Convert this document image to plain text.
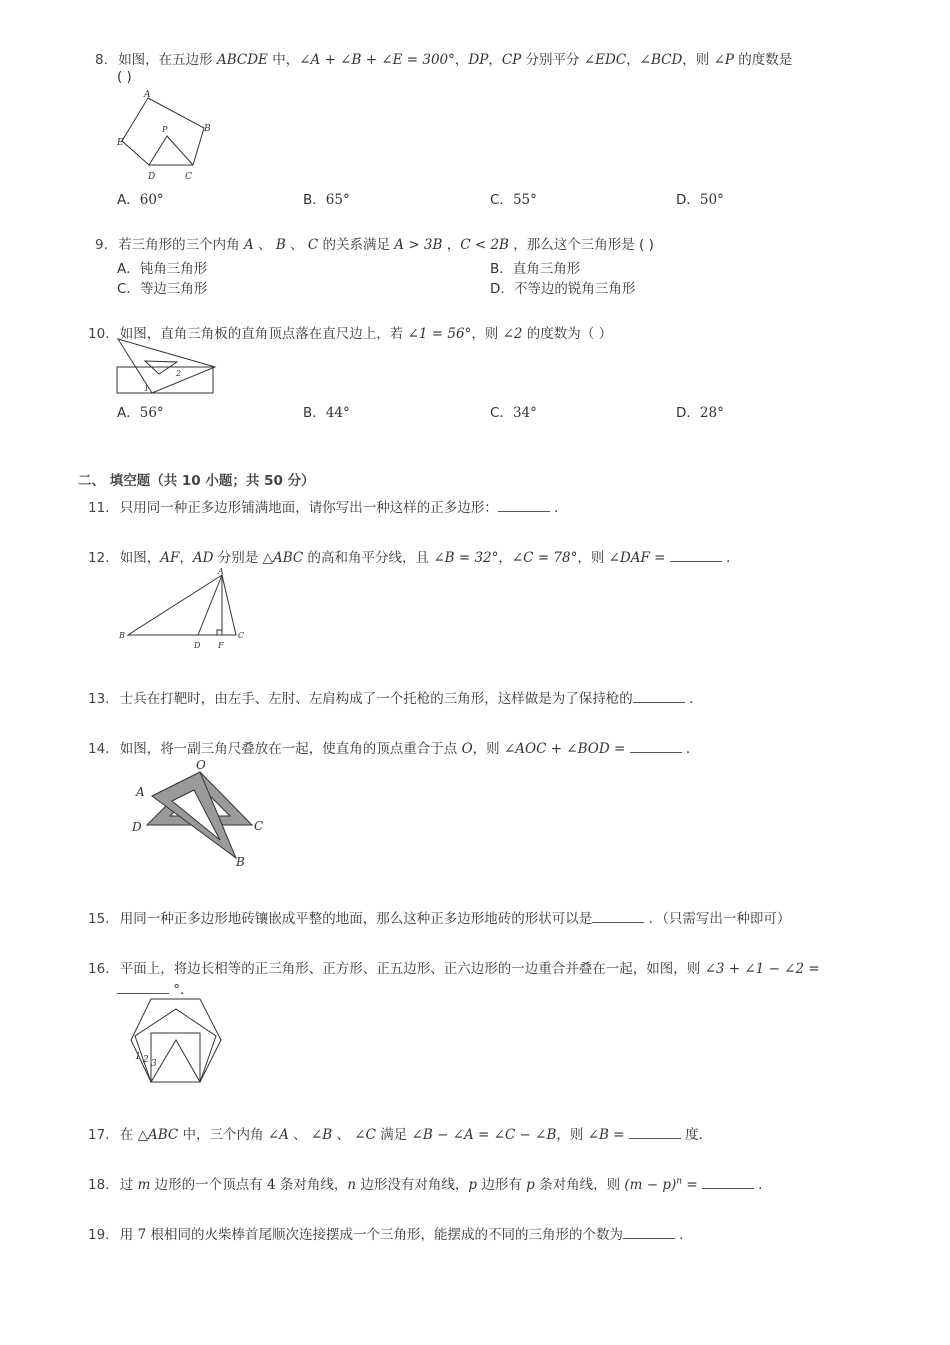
8. 如图，在五边形 ABCDE 中，∠A + ∠B + ∠E = 300°，DP，CP 分别平分 ∠EDC，∠BCD，则 ∠P 的度数是
( )
A
B
E
P
D	C
A．60°	B．65°	C．55°	D．50°
9. 若三角形的三个内角 A 、 B 、 C 的关系满足 A > 3B ，C < 2B ，那么这个三角形是 ( )
A．钝角三角形	B．直角三角形
C．等边三角形	D．不等边的锐角三角形
10. 如图，直角三角板的直角顶点落在直尺边上，若 ∠1 = 56°，则 ∠2 的度数为（ ）
1
2
A．56°	B．44°	C．34°	D．28°
二、 填空题（共 10 小题；共 50 分）
11. 只用同一种正多边形铺满地面，请你写出一种这样的正多边形：	．
12. 如图，AF，AD 分别是 △ABC 的高和角平分线，且 ∠B = 32°，∠C = 78°，则 ∠DAF =	．
A
B
D F
C
13. 士兵在打靶时，由左手、左肘、左肩构成了一个托枪的三角形，这样做是为了保持枪的	．
14. 如图，将一副三角尺叠放在一起，使直角的顶点重合于点 O，则 ∠AOC + ∠BOD =	．
O
A
D	C
B
15. 用同一种正多边形地砖镶嵌成平整的地面，那么这种正多边形地砖的形状可以是	．（只需写出一种即可）
16. 平面上，将边长相等的正三角形、正方形、正五边形、正六边形的一边重合并叠在一起，如图，则 ∠3 + ∠1 − ∠2 =
°．
1 2 3
17. 在 △ABC 中，三个内角 ∠A 、 ∠B 、 ∠C 满足 ∠B − ∠A = ∠C − ∠B，则 ∠B =	度．
18. 过 m 边形的一个顶点有 4 条对角线，n 边形没有对角线，p 边形有 p 条对角线，则 $(m - p)^n$ =	．
19. 用 7 根相同的火柴棒首尾顺次连接摆成一个三角形，能摆成的不同的三角形的个数为	．
